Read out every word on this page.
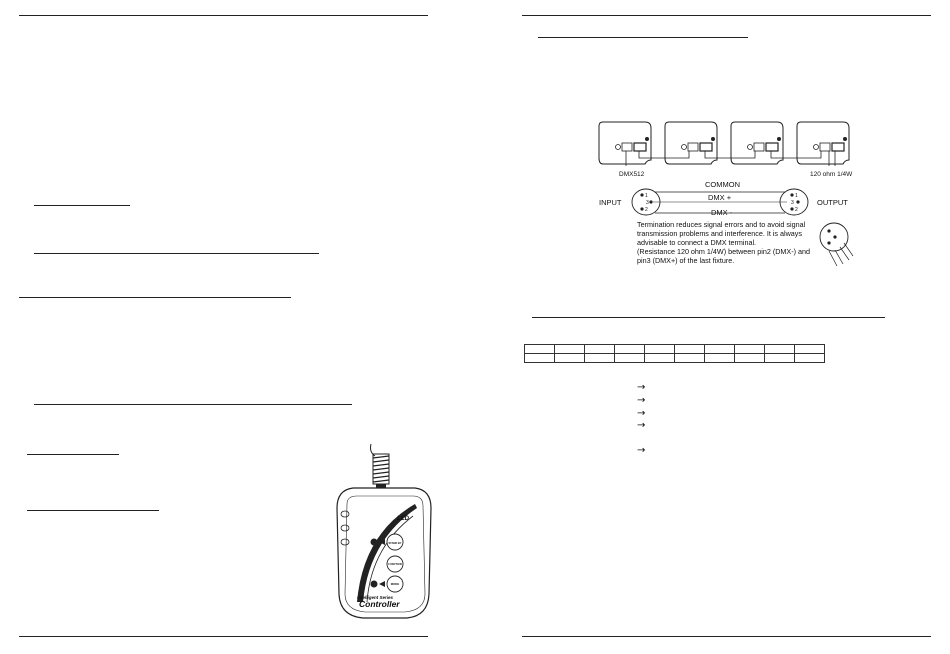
DMX512	120 ohm 1/4W
COMMON
INPUT	OUTPUT
DMX +
DMX -
1
3
2
1
3
2
Termination reduces signal errors and to avoid signal
transmission problems and interference. It is always
advisable to connect a DMX terminal.
(Resistance 120 ohm 1/4W) between pin2 (DMX-) and
pin3 (DMX+) of the last fixture.

→
→
→
→
→
LED
STAND BY
FUNCTION
MODE
Intelligent Series
Controller
